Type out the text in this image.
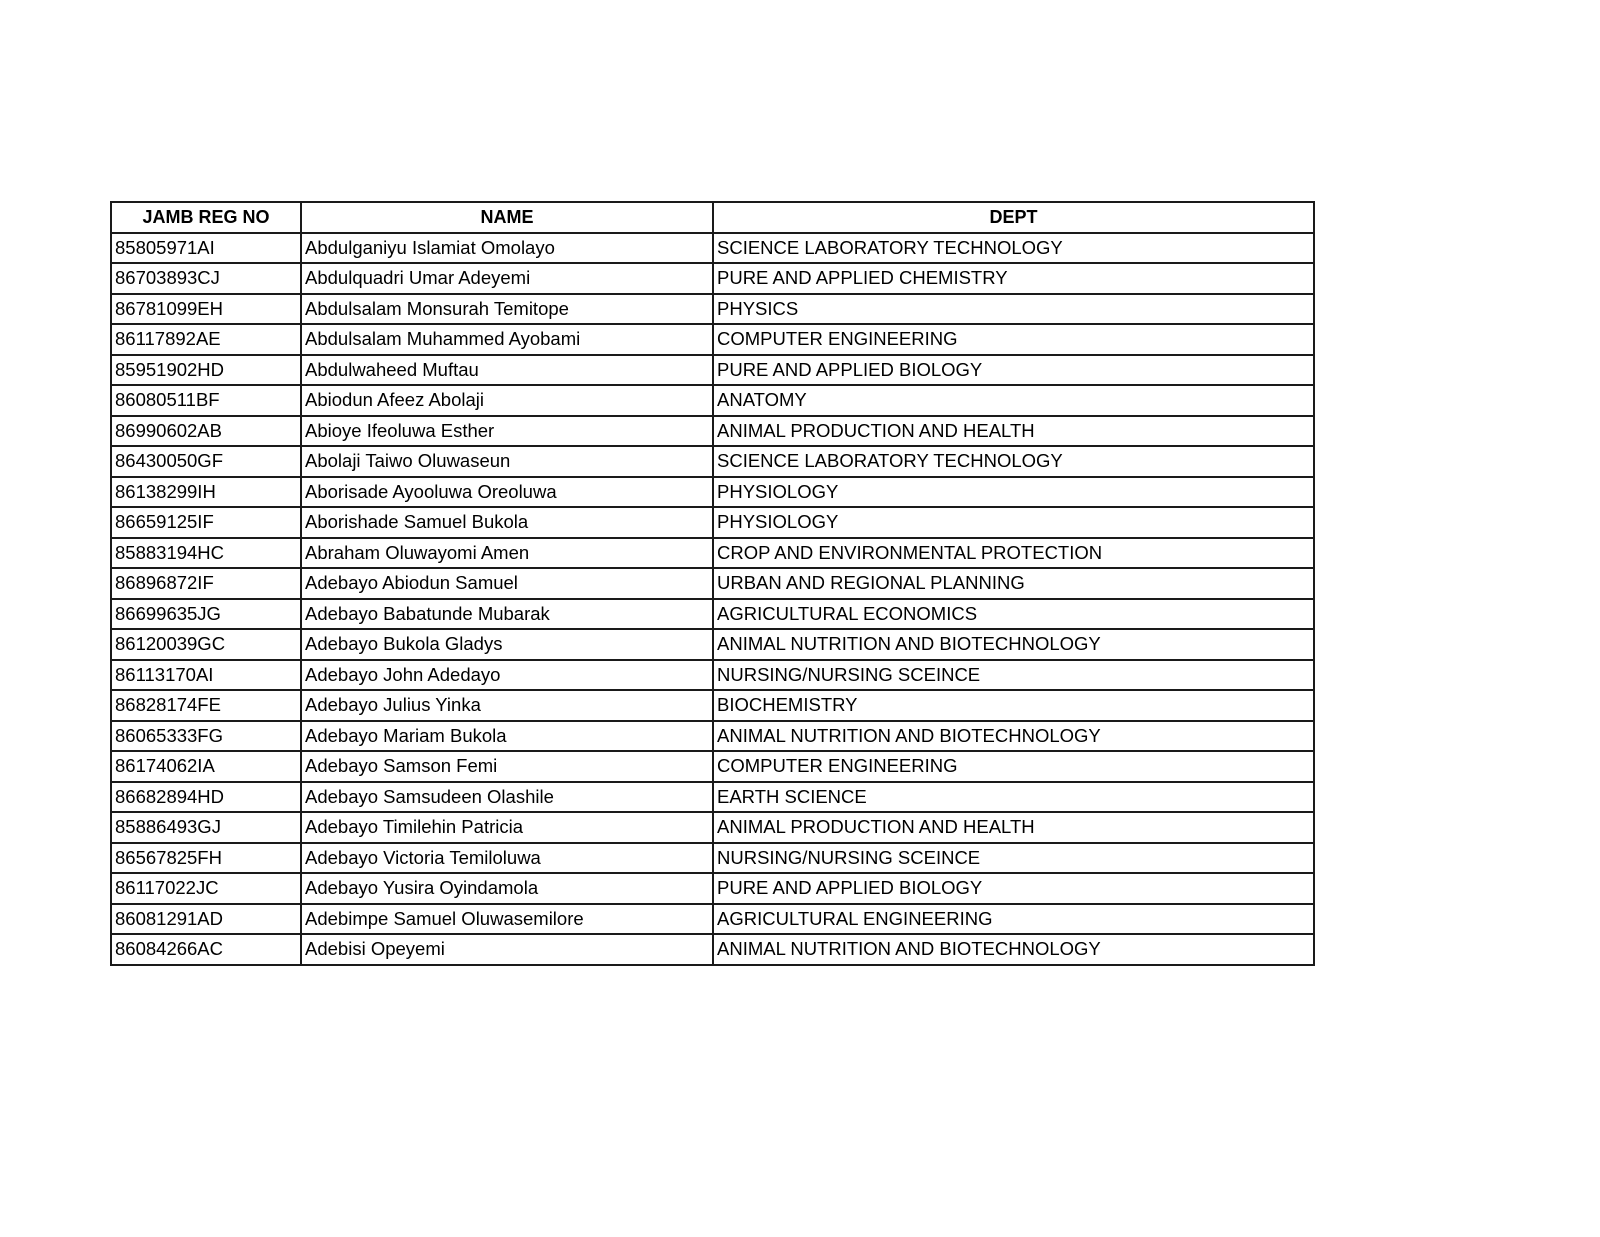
JAMB REG NO	NAME	DEPT
85805971AI	Abdulganiyu Islamiat Omolayo	SCIENCE LABORATORY TECHNOLOGY
86703893CJ	Abdulquadri Umar Adeyemi	PURE AND APPLIED CHEMISTRY
86781099EH	Abdulsalam Monsurah Temitope	PHYSICS
86117892AE	Abdulsalam Muhammed Ayobami	COMPUTER ENGINEERING
85951902HD	Abdulwaheed Muftau	PURE AND APPLIED BIOLOGY
86080511BF	Abiodun Afeez Abolaji	ANATOMY
86990602AB	Abioye Ifeoluwa Esther	ANIMAL PRODUCTION AND HEALTH
86430050GF	Abolaji Taiwo Oluwaseun	SCIENCE LABORATORY TECHNOLOGY
86138299IH	Aborisade Ayooluwa Oreoluwa	PHYSIOLOGY
86659125IF	Aborishade Samuel Bukola	PHYSIOLOGY
85883194HC	Abraham Oluwayomi Amen	CROP AND ENVIRONMENTAL PROTECTION
86896872IF	Adebayo Abiodun Samuel	URBAN AND REGIONAL PLANNING
86699635JG	Adebayo Babatunde Mubarak	AGRICULTURAL ECONOMICS
86120039GC	Adebayo Bukola Gladys	ANIMAL NUTRITION AND BIOTECHNOLOGY
86113170AI	Adebayo John Adedayo	NURSING/NURSING SCEINCE
86828174FE	Adebayo Julius Yinka	BIOCHEMISTRY
86065333FG	Adebayo Mariam Bukola	ANIMAL NUTRITION AND BIOTECHNOLOGY
86174062IA	Adebayo Samson Femi	COMPUTER ENGINEERING
86682894HD	Adebayo Samsudeen Olashile	EARTH SCIENCE
85886493GJ	Adebayo Timilehin Patricia	ANIMAL PRODUCTION AND HEALTH
86567825FH	Adebayo Victoria Temiloluwa	NURSING/NURSING SCEINCE
86117022JC	Adebayo Yusira Oyindamola	PURE AND APPLIED BIOLOGY
86081291AD	Adebimpe Samuel Oluwasemilore	AGRICULTURAL ENGINEERING
86084266AC	Adebisi Opeyemi	ANIMAL NUTRITION AND BIOTECHNOLOGY
